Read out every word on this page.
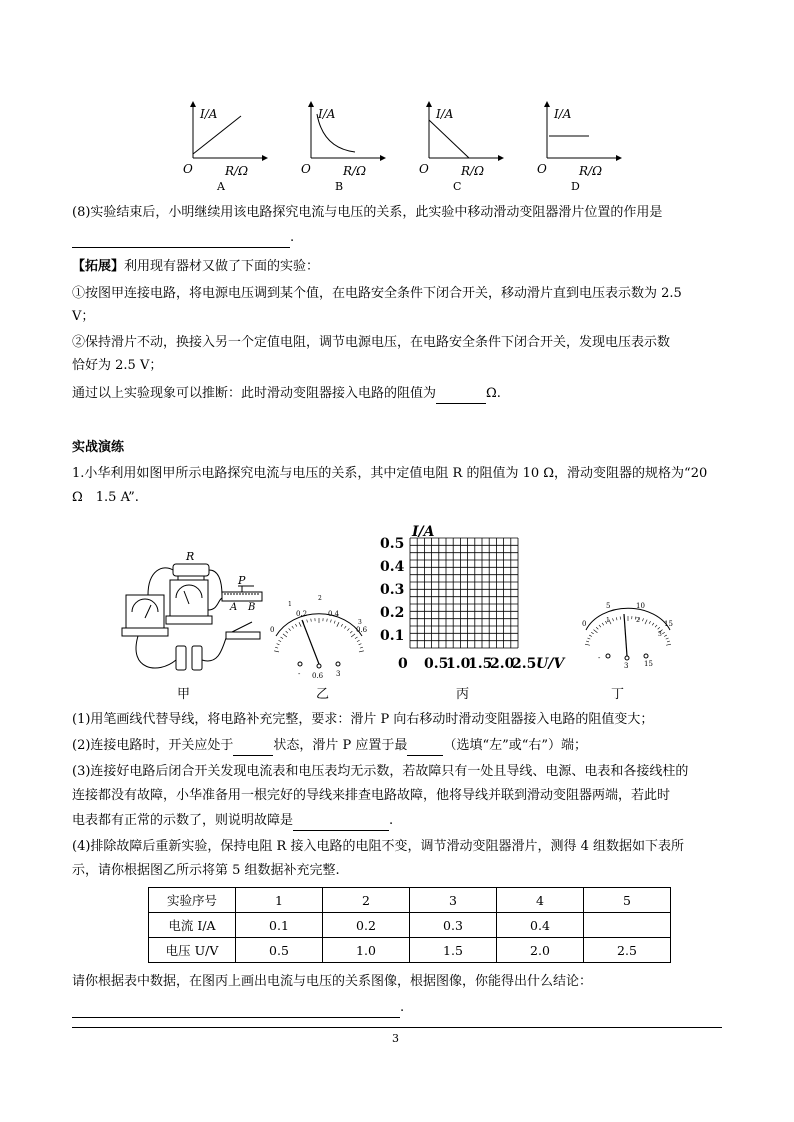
I/A
O	R/Ω
A
I/A
O	R/Ω
B
I/A
O	R/Ω
C
I/A
O	R/Ω
D
(8)实验结束后，小明继续用该电路探究电流与电压的关系，此实验中移动滑动变阻器滑片位置的作用是
.
【拓展】利用现有器材又做了下面的实验：
①按图甲连接电路，将电源电压调到某个值，在电路安全条件下闭合开关，移动滑片直到电压表示数为 2.5
V；
②保持滑片不动，换接入另一个定值电阻，调节电源电压，在电路安全条件下闭合开关，发现电压表示数
恰好为 2.5 V；
通过以上实验现象可以推断：此时滑动变阻器接入电路的阻值为	Ω.
实战演练
1.小华利用如图甲所示电路探究电流与电压的关系，其中定值电阻 R 的阻值为 10 Ω，滑动变阻器的规格为“20
Ω　1.5 A”.
R
P
A B
0
0.2	0.4
0.6
1
2
3
- 0.6 3
I/A
0.5
0.4
0.3
0.2
0.1
0 0.5
1.0
1.5
2.0
2.5 U/V
0
5	10
15
1	2
3
-
3 15
甲	乙	丙	丁
(1)用笔画线代替导线，将电路补充完整，要求：滑片 P 向右移动时滑动变阻器接入电路的阻值变大；
(2)连接电路时，开关应处于	状态，滑片 P 应置于最	（选填“左”或“右”）端；
(3)连接好电路后闭合开关发现电流表和电压表均无示数，若故障只有一处且导线、电源、电表和各接线柱的
连接都没有故障，小华准备用一根完好的导线来排查电路故障，他将导线并联到滑动变阻器两端，若此时
电表都有正常的示数了，则说明故障是	.
(4)排除故障后重新实验，保持电阻 R 接入电路的电阻不变，调节滑动变阻器滑片，测得 4 组数据如下表所
示，请你根据图乙所示将第 5 组数据补充完整.
实验序号	1	2	3	4	5
电流 I/A	0.1	0.2	0.3	0.4	
电压 U/V	0.5	1.0	1.5	2.0	2.5
请你根据表中数据，在图丙上画出电流与电压的关系图像，根据图像，你能得出什么结论：
.
3
